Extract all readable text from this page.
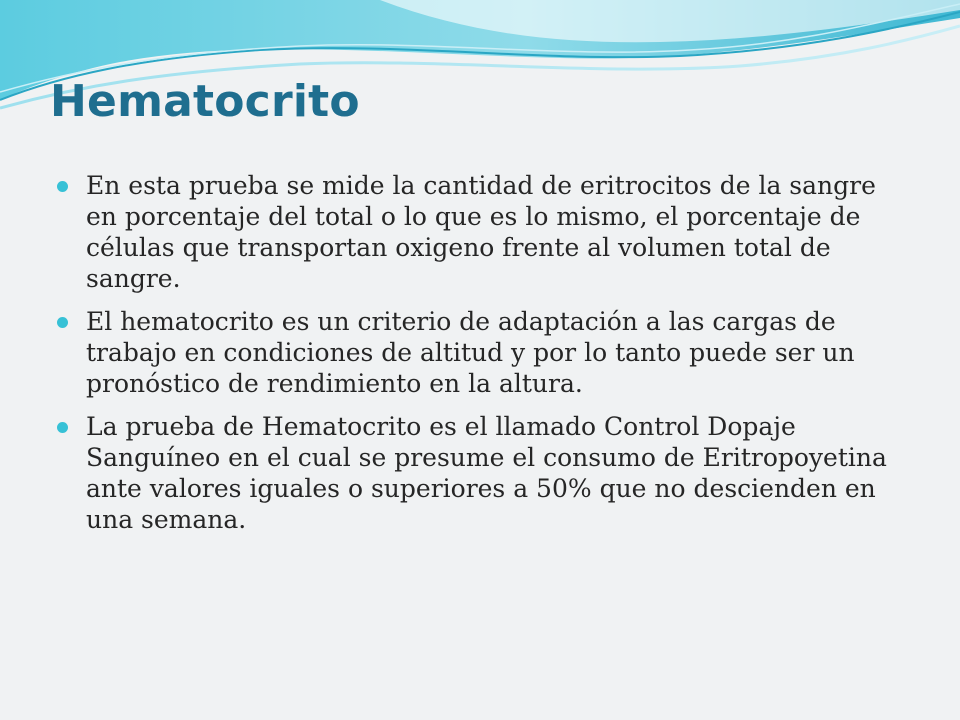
Hematocrito
En esta prueba se mide la cantidad de eritrocitos de la sangre en porcentaje del total o lo que es lo mismo, el porcentaje de células que transportan oxigeno frente al volumen total de sangre.
El hematocrito es un criterio de adaptación a las cargas de trabajo en condiciones de altitud y por lo tanto puede ser un pronóstico de rendimiento en la altura.
La prueba de Hematocrito es el llamado Control Dopaje Sanguíneo en el cual se presume el consumo de Eritropoyetina ante valores iguales o superiores a 50% que no descienden en una semana.
